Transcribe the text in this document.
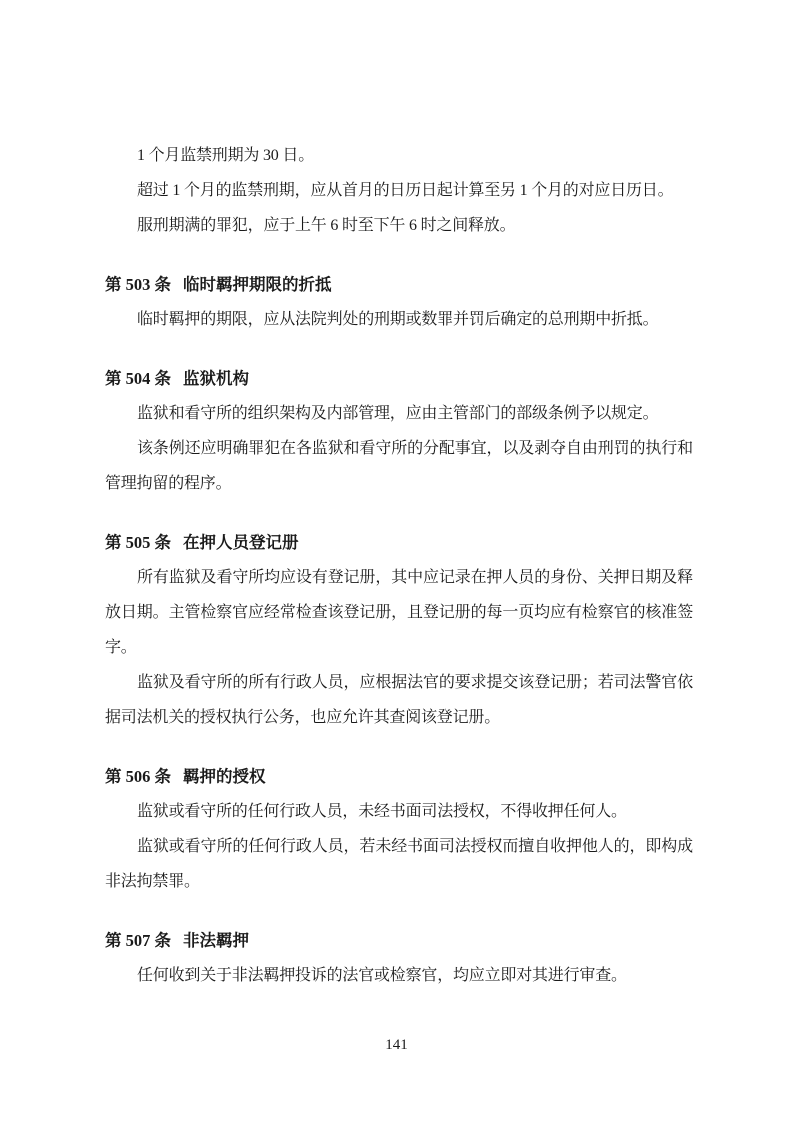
1 个月监禁刑期为 30 日。

超过 1 个月的监禁刑期，应从首月的日历日起计算至另 1 个月的对应日历日。

服刑期满的罪犯，应于上午 6 时至下午 6 时之间释放。

第 503 条 临时羁押期限的折抵

临时羁押的期限，应从法院判处的刑期或数罪并罚后确定的总刑期中折抵。

第 504 条 监狱机构

监狱和看守所的组织架构及内部管理，应由主管部门的部级条例予以规定。

该条例还应明确罪犯在各监狱和看守所的分配事宜，以及剥夺自由刑罚的执行和管理拘留的程序。

第 505 条 在押人员登记册

所有监狱及看守所均应设有登记册，其中应记录在押人员的身份、关押日期及释放日期。主管检察官应经常检查该登记册，且登记册的每一页均应有检察官的核准签字。

监狱及看守所的所有行政人员，应根据法官的要求提交该登记册；若司法警官依据司法机关的授权执行公务，也应允许其查阅该登记册。

第 506 条 羁押的授权

监狱或看守所的任何行政人员，未经书面司法授权，不得收押任何人。

监狱或看守所的任何行政人员，若未经书面司法授权而擅自收押他人的，即构成非法拘禁罪。

第 507 条 非法羁押

任何收到关于非法羁押投诉的法官或检察官，均应立即对其进行审查。

141
